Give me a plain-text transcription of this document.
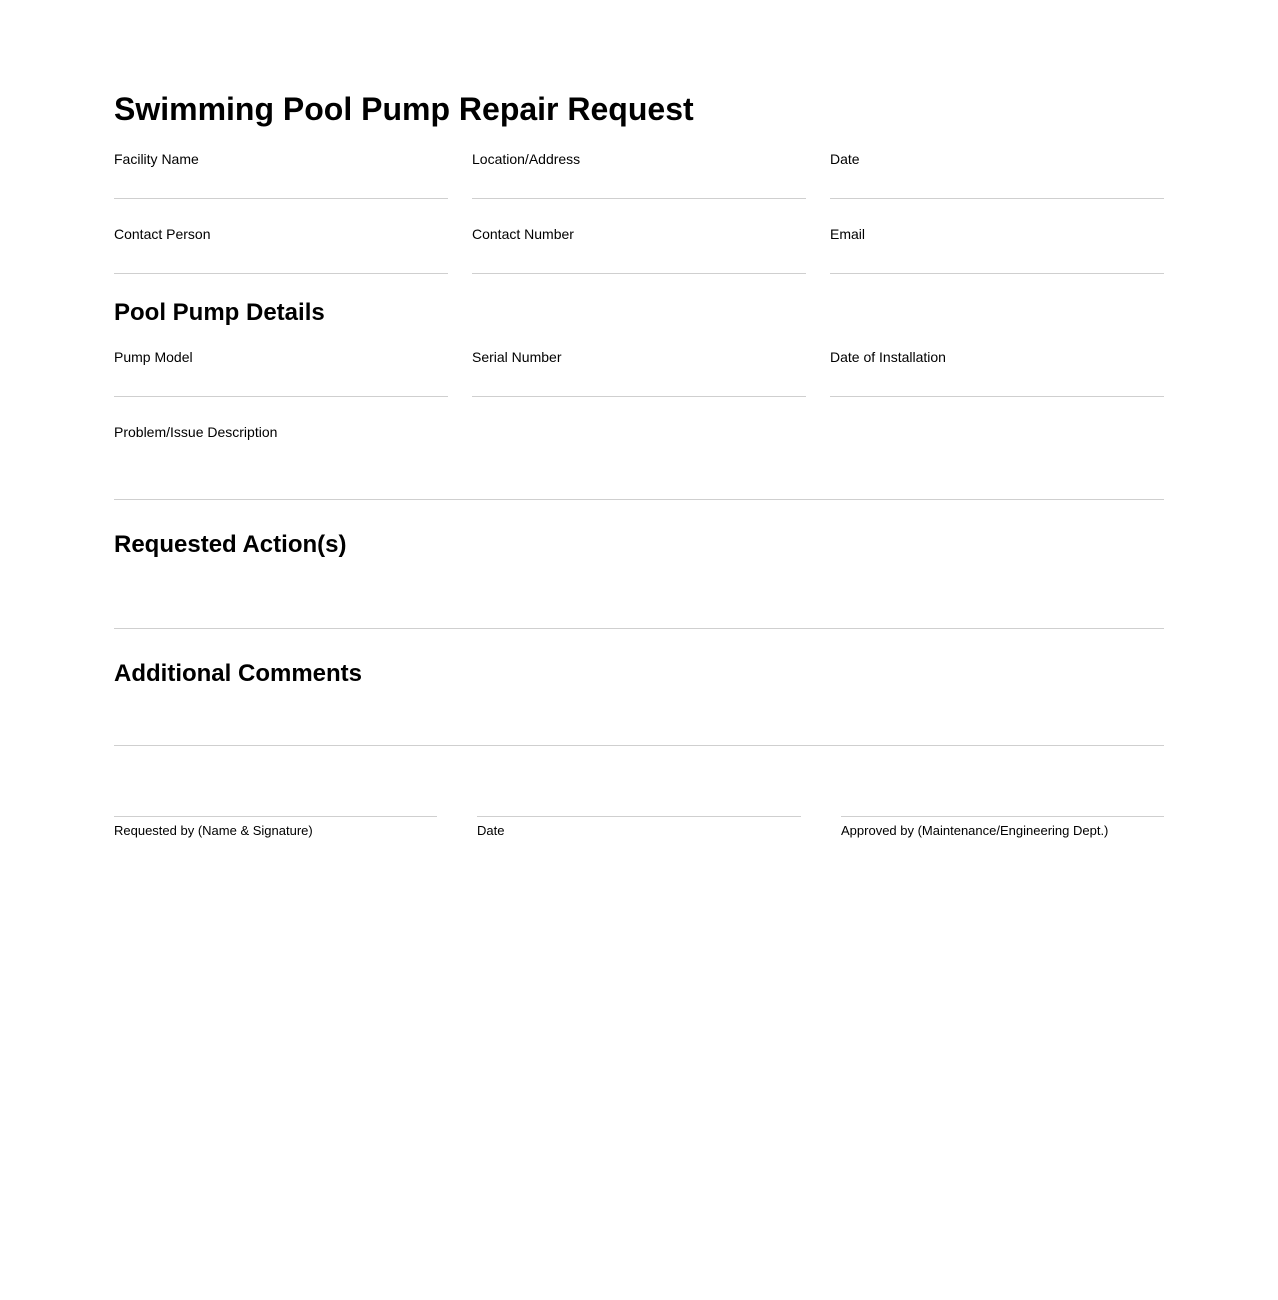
Swimming Pool Pump Repair Request
Facility Name	Location/Address	Date
Contact Person	Contact Number	Email
Pool Pump Details
Pump Model	Serial Number	Date of Installation
Problem/Issue Description
Requested Action(s)
Additional Comments
Requested by (Name & Signature)	Date	Approved by (Maintenance/Engineering Dept.)
